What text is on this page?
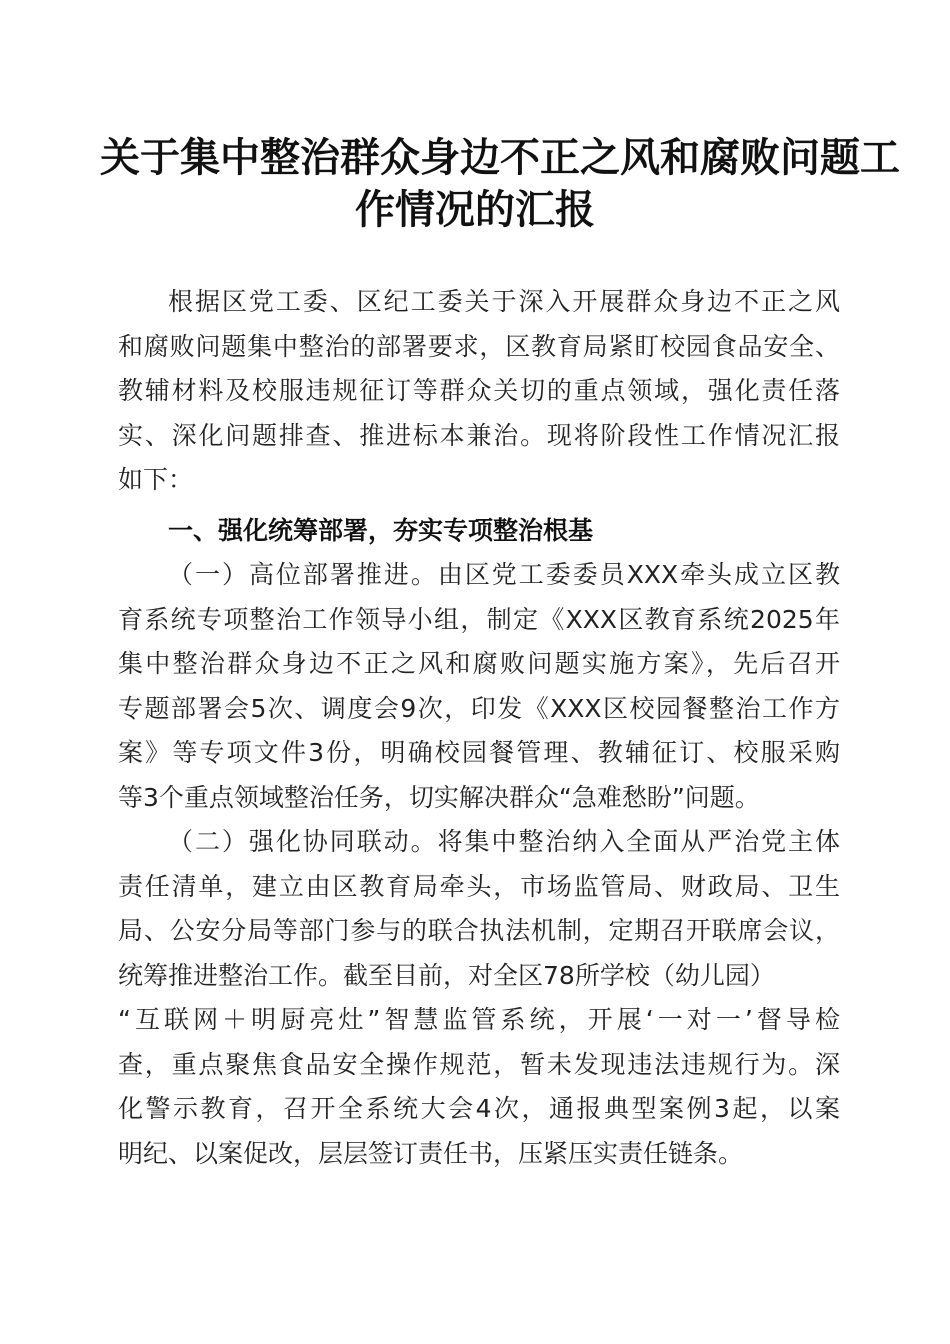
关于集中整治群众身边不正之风和腐败问题工
作情况的汇报
根据区党工委、区纪工委关于深入开展群众身边不正之风
和腐败问题集中整治的部署要求，区教育局紧盯校园食品安全、
教辅材料及校服违规征订等群众关切的重点领域，强化责任落
实、深化问题排查、推进标本兼治。现将阶段性工作情况汇报
如下：
一、强化统筹部署，夯实专项整治根基
（一）高位部署推进。由区党工委委员XXX牵头成立区教
育系统专项整治工作领导小组，制定《XXX区教育系统2025年
集中整治群众身边不正之风和腐败问题实施方案》，先后召开
专题部署会5次、调度会9次，印发《XXX区校园餐整治工作方
案》等专项文件3份，明确校园餐管理、教辅征订、校服采购
等3个重点领域整治任务，切实解决群众“急难愁盼”问题。
（二）强化协同联动。将集中整治纳入全面从严治党主体
责任清单，建立由区教育局牵头，市场监管局、财政局、卫生
局、公安分局等部门参与的联合执法机制，定期召开联席会议，
统筹推进整治工作。截至目前，对全区78所学校（幼儿园）
“互联网＋明厨亮灶”智慧监管系统，开展‘一对一’督导检
查，重点聚焦食品安全操作规范，暂未发现违法违规行为。深
化警示教育，召开全系统大会4次，通报典型案例3起，以案
明纪、以案促改，层层签订责任书，压紧压实责任链条。
